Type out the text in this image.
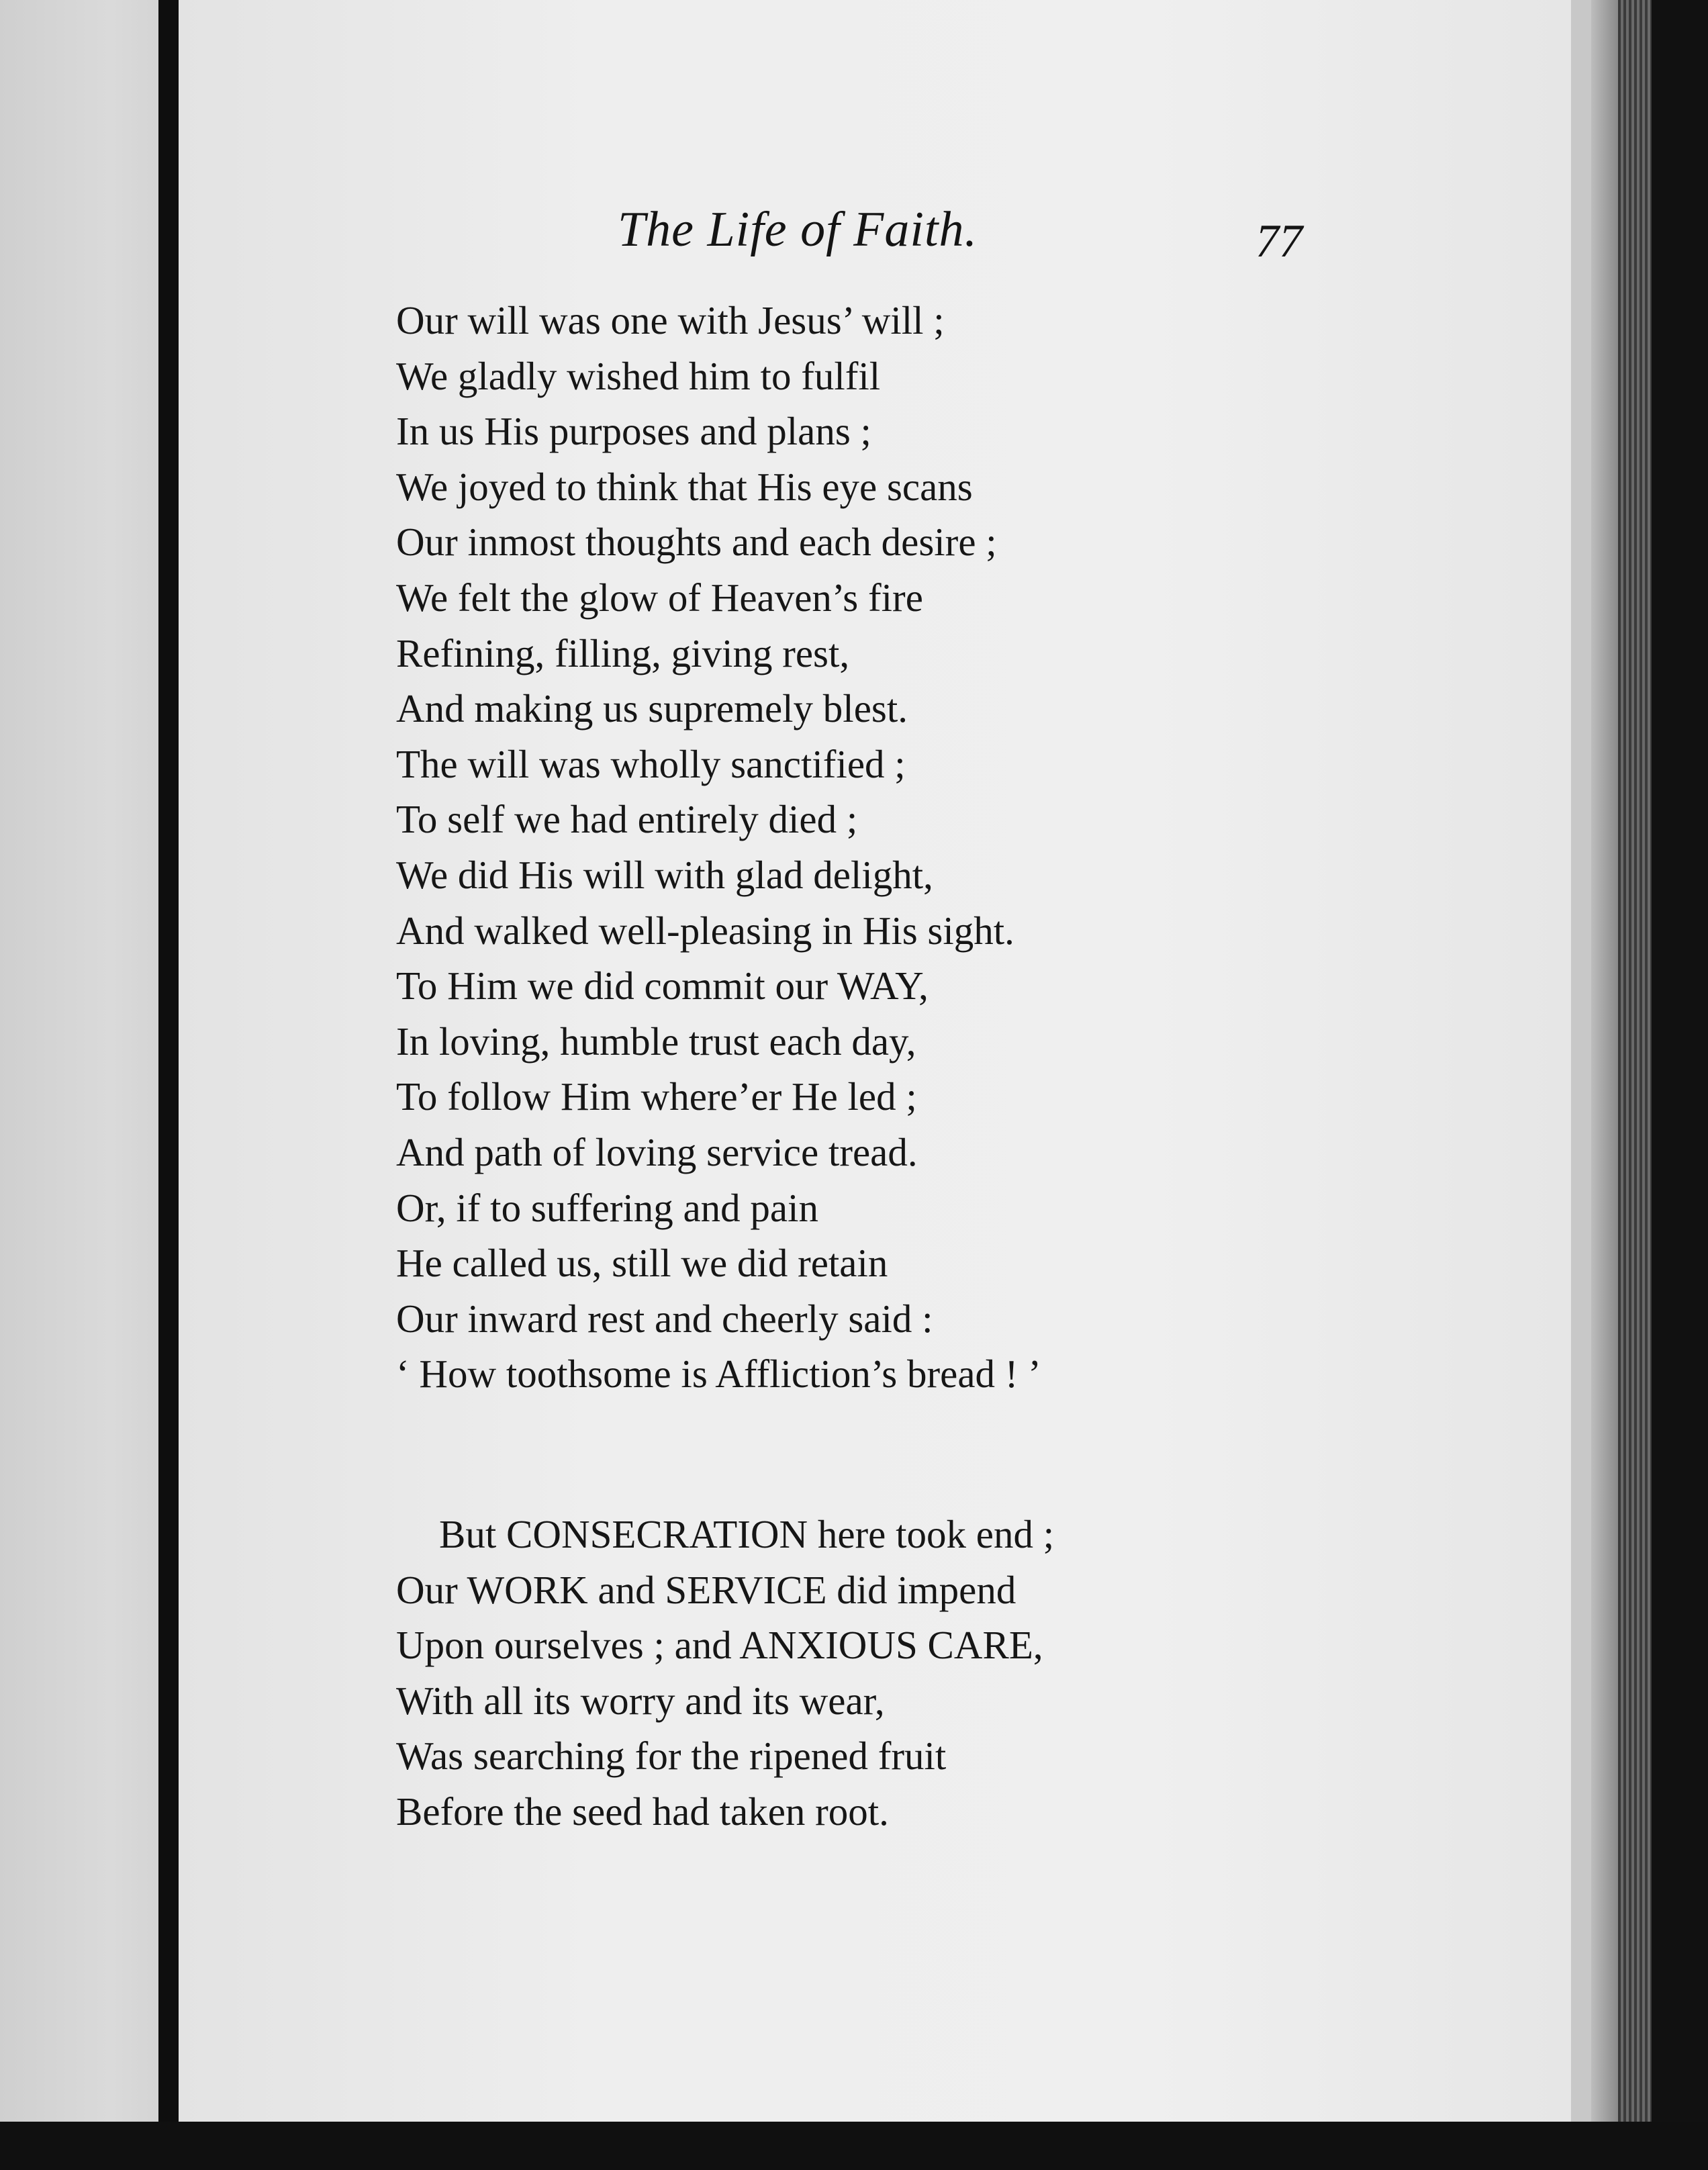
The Life of Faith.	77
Our will was one with Jesus’ will ;
We gladly wished him to fulfil
In us His purposes and plans ;
We joyed to think that His eye scans
Our inmost thoughts and each desire ;
We felt the glow of Heaven’s fire
Refining, filling, giving rest,
And making us supremely blest.
The will was wholly sanctified ;
To self we had entirely died ;
We did His will with glad delight,
And walked well-pleasing in His sight.
To Him we did commit our WAY,
In loving, humble trust each day,
To follow Him where’er He led ;
And path of loving service tread.
Or, if to suffering and pain
He called us, still we did retain
Our inward rest and cheerly said :
‘ How toothsome is Affliction’s bread ! ’
But CONSECRATION here took end ;
Our WORK and SERVICE did impend
Upon ourselves ; and ANXIOUS CARE,
With all its worry and its wear,
Was searching for the ripened fruit
Before the seed had taken root.
